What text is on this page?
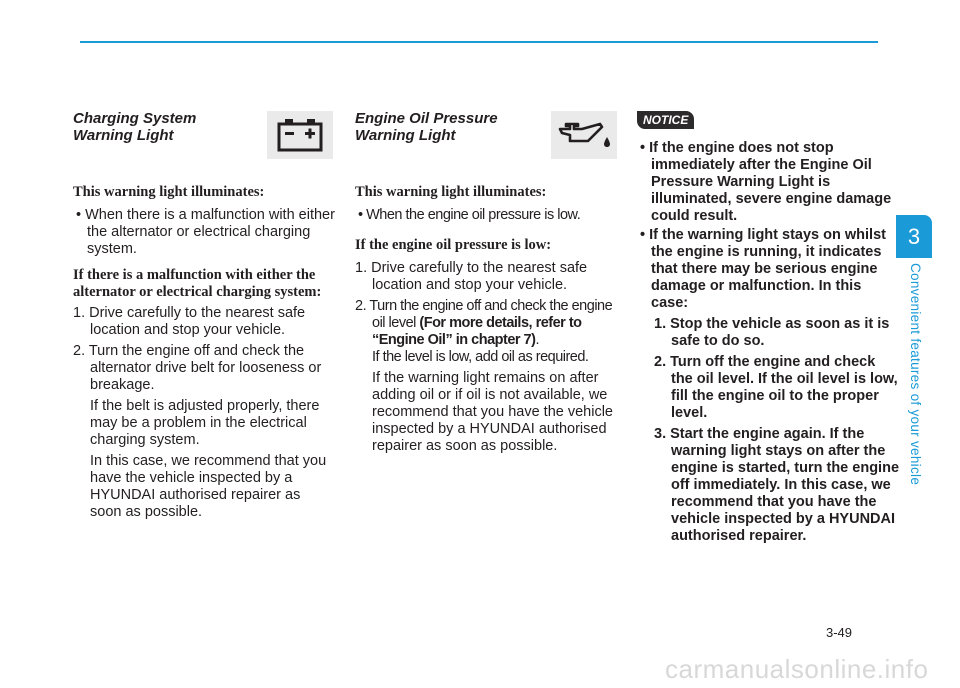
Charging System
Warning Light

This warning light illuminates:

• When there is a malfunction with either the alternator or electrical charging system.

If there is a malfunction with either the alternator or electrical charging system:

1. Drive carefully to the nearest safe location and stop your vehicle.

2. Turn the engine off and check the alternator drive belt for looseness or breakage.

If the belt is adjusted properly, there may be a problem in the electrical charging system.

In this case, we recommend that you have the vehicle inspected by a HYUNDAI authorised repairer as soon as possible.

Engine Oil Pressure
Warning Light

This warning light illuminates:

• When the engine oil pressure is low.

If the engine oil pressure is low:

1. Drive carefully to the nearest safe location and stop your vehicle.

2. Turn the engine off and check the engine oil level (For more details, refer to “Engine Oil” in chapter 7).

If the level is low, add oil as required.

If the warning light remains on after adding oil or if oil is not available, we recommend that you have the vehicle inspected by a HYUNDAI authorised repairer as soon as possible.

NOTICE

• If the engine does not stop immediately after the Engine Oil Pressure Warning Light is illuminated, severe engine damage could result.

• If the warning light stays on whilst the engine is running, it indicates that there may be serious engine damage or malfunction. In this case:

1. Stop the vehicle as soon as it is safe to do so.

2. Turn off the engine and check the oil level. If the oil level is low, fill the engine oil to the proper level.

3. Start the engine again. If the warning light stays on after the engine is started, turn the engine off immediately. In this case, we recommend that you have the vehicle inspected by a HYUNDAI authorised repairer.

3
Convenient features of your vehicle
3-49
carmanualsonline.info
